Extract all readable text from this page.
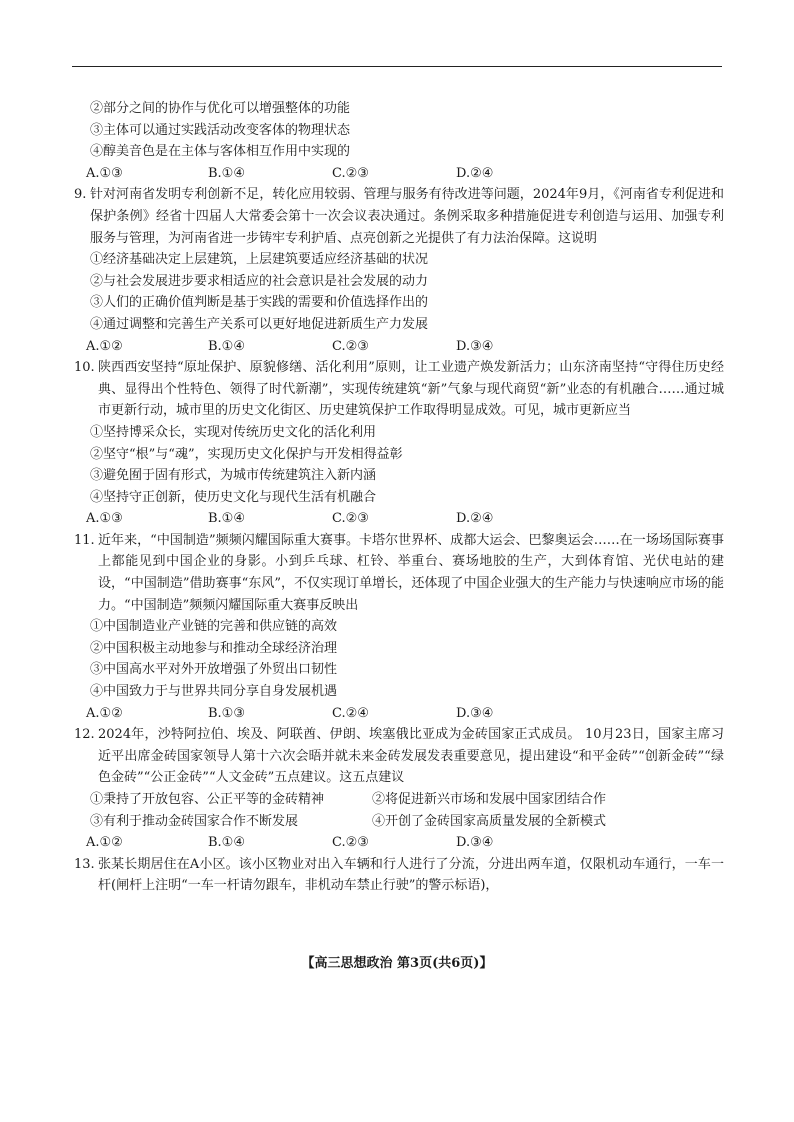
②部分之间的协作与优化可以增强整体的功能
③主体可以通过实践活动改变客体的物理状态
④醇美音色是在主体与客体相互作用中实现的
A.①③	B.①④	C.②③	D.②④
9. 针对河南省发明专利创新不足，转化应用较弱、管理与服务有待改进等问题，2024年9月，《河南省专利促进和保护条例》经省十四届人大常委会第十一次会议表决通过。条例采取多种措施促进专利创造与运用、加强专利服务与管理，为河南省进一步铸牢专利护盾、点亮创新之光提供了有力法治保障。这说明
①经济基础决定上层建筑，上层建筑要适应经济基础的状况
②与社会发展进步要求相适应的社会意识是社会发展的动力
③人们的正确价值判断是基于实践的需要和价值选择作出的
④通过调整和完善生产关系可以更好地促进新质生产力发展
A.①②	B.①④	C.②③	D.③④
10. 陕西西安坚持“原址保护、原貌修缮、活化利用”原则，让工业遗产焕发新活力；山东济南坚持“守得住历史经典、显得出个性特色、领得了时代新潮”，实现传统建筑“新”气象与现代商贸“新”业态的有机融合……通过城市更新行动，城市里的历史文化街区、历史建筑保护工作取得明显成效。可见，城市更新应当
①坚持博采众长，实现对传统历史文化的活化利用
②坚守“根”与“魂”，实现历史文化保护与开发相得益彰
③避免囿于固有形式，为城市传统建筑注入新内涵
④坚持守正创新，使历史文化与现代生活有机融合
A.①③	B.①④	C.②③	D.②④
11. 近年来，“中国制造”频频闪耀国际重大赛事。卡塔尔世界杯、成都大运会、巴黎奥运会……在一场场国际赛事上都能见到中国企业的身影。小到乒乓球、杠铃、举重台、赛场地胶的生产，大到体育馆、光伏电站的建设，“中国制造”借助赛事“东风”，不仅实现订单增长，还体现了中国企业强大的生产能力与快速响应市场的能力。“中国制造”频频闪耀国际重大赛事反映出
①中国制造业产业链的完善和供应链的高效
②中国积极主动地参与和推动全球经济治理
③中国高水平对外开放增强了外贸出口韧性
④中国致力于与世界共同分享自身发展机遇
A.①②	B.①③	C.②④	D.③④
12. 2024年，沙特阿拉伯、埃及、阿联酋、伊朗、埃塞俄比亚成为金砖国家正式成员。 10月23日，国家主席习近平出席金砖国家领导人第十六次会晤并就未来金砖发展发表重要意见，提出建设“和平金砖”“创新金砖”“绿色金砖”“公正金砖”“人文金砖”五点建议。这五点建议
①秉持了开放包容、公正平等的金砖精神	②将促进新兴市场和发展中国家团结合作
③有利于推动金砖国家合作不断发展	④开创了金砖国家高质量发展的全新模式
A.①②	B.①④	C.②③	D.③④
13. 张某长期居住在A小区。该小区物业对出入车辆和行人进行了分流，分进出两车道，仅限机动车通行，一车一杆(闸杆上注明“一车一杆请勿跟车，非机动车禁止行驶”的警示标语)，
【高三思想政治 第3页(共6页)】
